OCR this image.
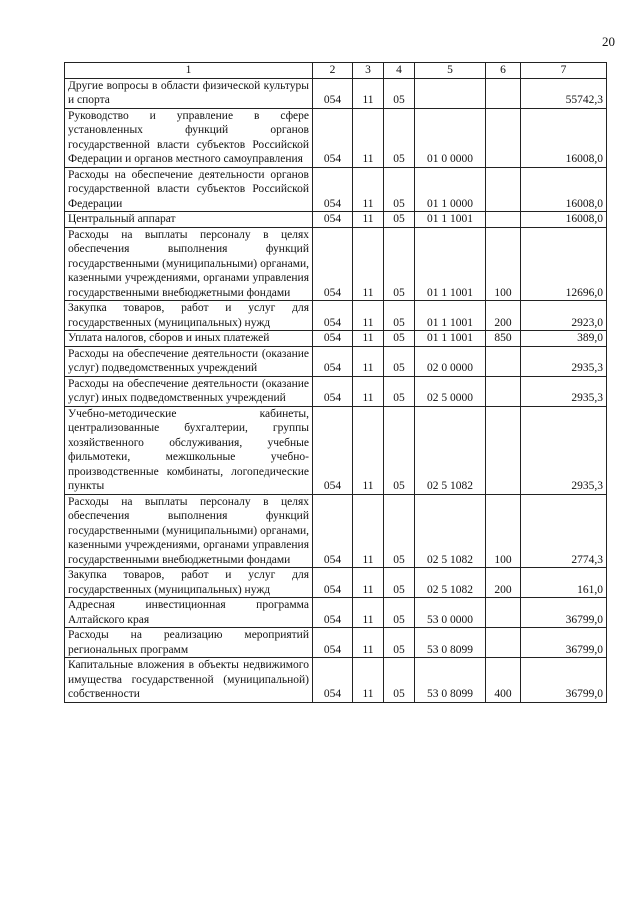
20
1	2	3	4	5	6	7
Другие вопросы в области физической культуры и спорта	054	11	05			55742,3
Руководство и управление в сфере установленных функций органов государственной власти субъектов Российской Федерации и органов местного самоуправления	054	11	05	01 0 0000		16008,0
Расходы на обеспечение деятельности органов государственной власти субъектов Российской Федерации	054	11	05	01 1 0000		16008,0
Центральный аппарат	054	11	05	01 1 1001		16008,0
Расходы на выплаты персоналу в целях обеспечения выполнения функций государственными (муниципальными) органами, казенными учреждениями, органами управления государственными внебюджетными фондами	054	11	05	01 1 1001	100	12696,0
Закупка товаров, работ и услуг для государственных (муниципальных) нужд	054	11	05	01 1 1001	200	2923,0
Уплата налогов, сборов и иных платежей	054	11	05	01 1 1001	850	389,0
Расходы на обеспечение деятельности (оказание услуг) подведомственных учреждений	054	11	05	02 0 0000		2935,3
Расходы на обеспечение деятельности (оказание услуг) иных подведомственных учреждений	054	11	05	02 5 0000		2935,3
Учебно-методические кабинеты, централизованные бухгалтерии, группы хозяйственного обслуживания, учебные фильмотеки, межшкольные учебно-производственные комбинаты, логопедические пункты	054	11	05	02 5 1082		2935,3
Расходы на выплаты персоналу в целях обеспечения выполнения функций государственными (муниципальными) органами, казенными учреждениями, органами управления государственными внебюджетными фондами	054	11	05	02 5 1082	100	2774,3
Закупка товаров, работ и услуг для государственных (муниципальных) нужд	054	11	05	02 5 1082	200	161,0
Адресная инвестиционная программа Алтайского края	054	11	05	53 0 0000		36799,0
Расходы на реализацию мероприятий региональных программ	054	11	05	53 0 8099		36799,0
Капитальные вложения в объекты недвижимого имущества государственной (муниципальной) собственности	054	11	05	53 0 8099	400	36799,0
